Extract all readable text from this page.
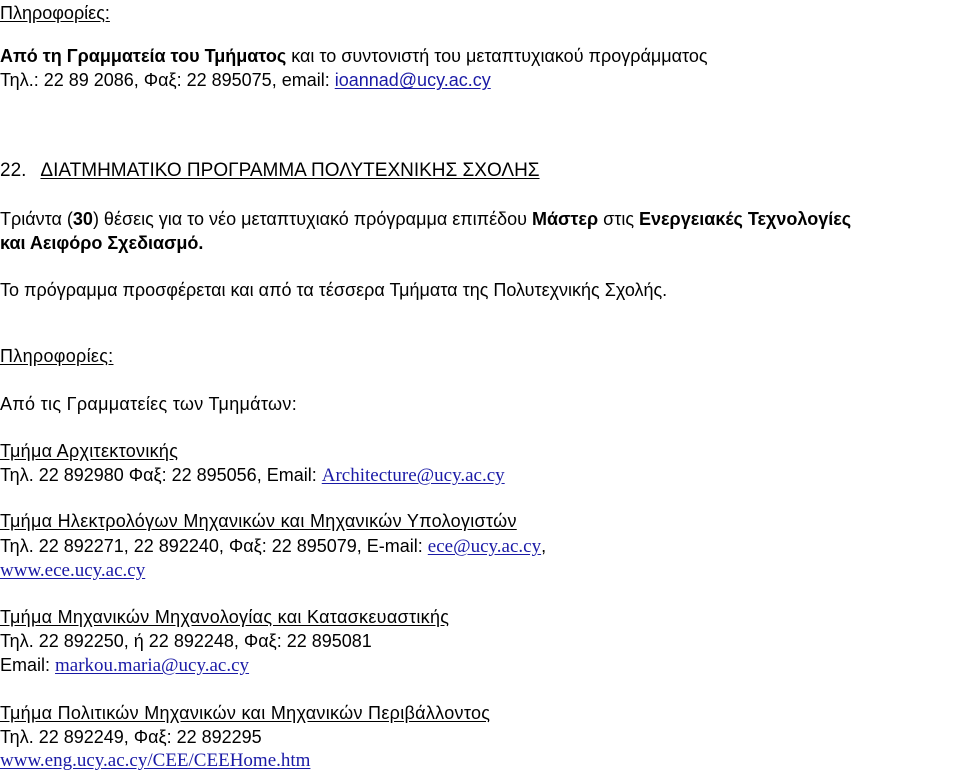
Πληροφορίες:
Από τη Γραμματεία του Τμήματος και το συντονιστή του μεταπτυχιακού προγράμματος
Τηλ.: 22 89 2086, Φαξ: 22 895075, email: ioannad@ucy.ac.cy
22. ΔΙΑΤΜΗΜΑΤΙΚΟ ΠΡΟΓΡΑΜΜΑ ΠΟΛΥΤΕΧΝΙΚΗΣ ΣΧΟΛΗΣ
Τριάντα (30) θέσεις για το νέο μεταπτυχιακό πρόγραμμα επιπέδου Μάστερ στις Ενεργειακές Τεχνολογίες
και Αειφόρο Σχεδιασμό.
Το πρόγραμμα προσφέρεται και από τα τέσσερα Τμήματα της Πολυτεχνικής Σχολής.
Πληροφορίες:
Από τις Γραμματείες των Τμημάτων:
Τμήμα Αρχιτεκτονικής
Τηλ. 22 892980 Φαξ: 22 895056, Email: Architecture@ucy.ac.cy
Τμήμα Ηλεκτρολόγων Μηχανικών και Μηχανικών Υπολογιστών
Τηλ. 22 892271, 22 892240, Φαξ: 22 895079, E-mail: ece@ucy.ac.cy,
www.ece.ucy.ac.cy
Τμήμα Μηχανικών Μηχανολογίας και Κατασκευαστικής
Τηλ. 22 892250, ή 22 892248, Φαξ: 22 895081
Email: markou.maria@ucy.ac.cy
Τμήμα Πολιτικών Μηχανικών και Μηχανικών Περιβάλλοντος
Τηλ. 22 892249, Φαξ: 22 892295
www.eng.ucy.ac.cy/CEE/CEEHome.htm
